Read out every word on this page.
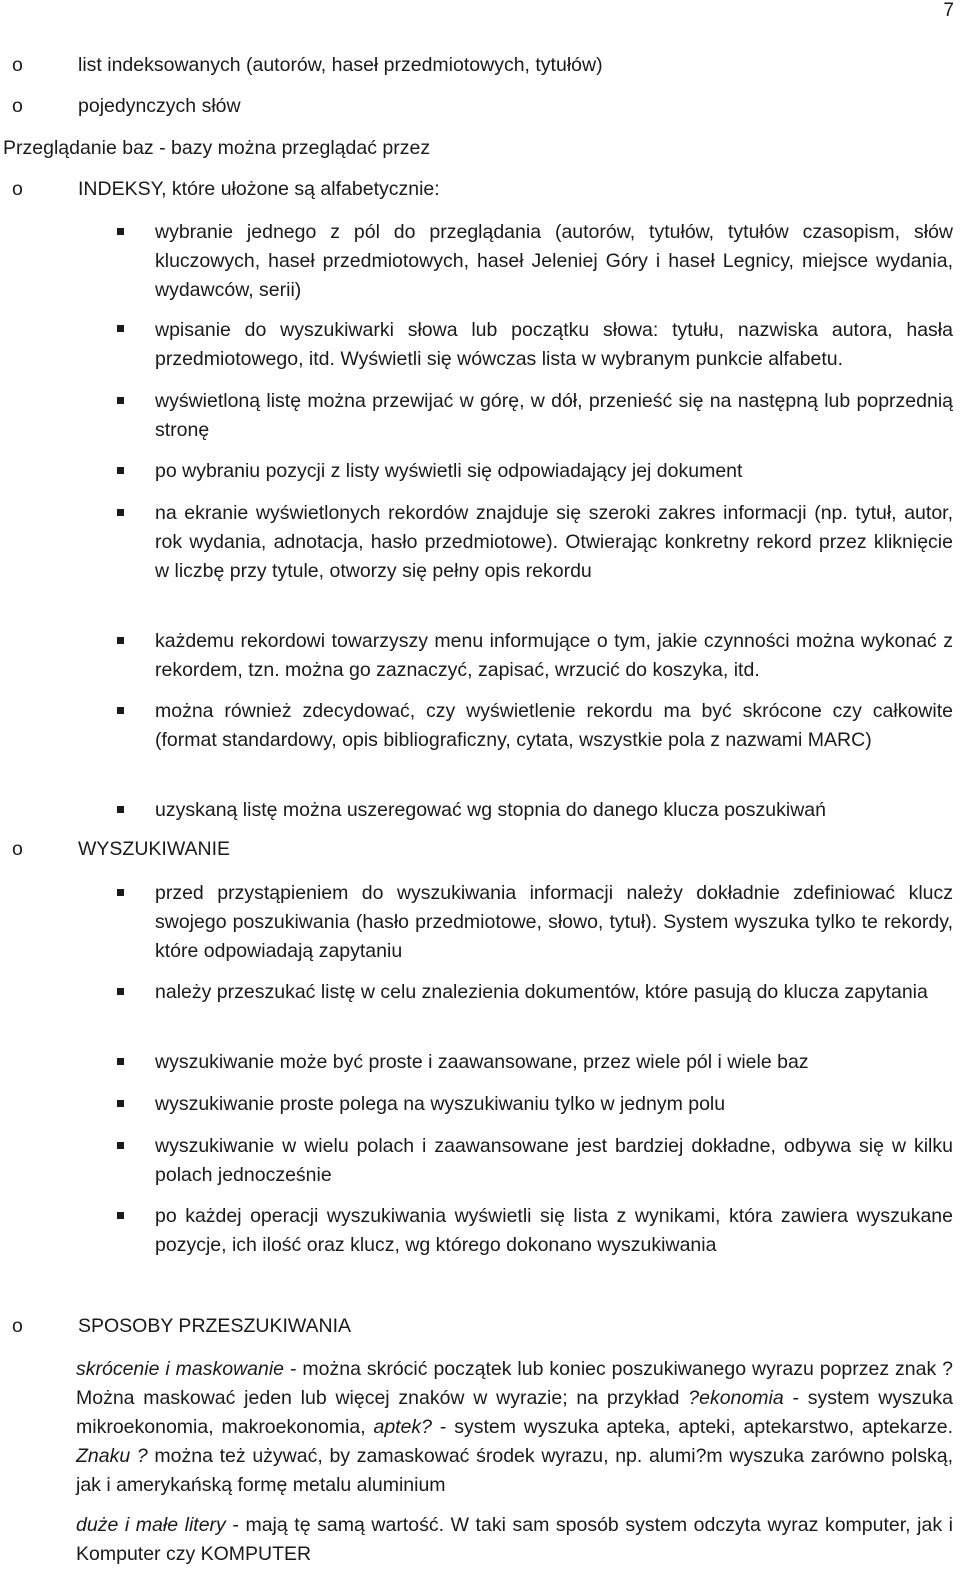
7
o	list indeksowanych (autorów, haseł przedmiotowych, tytułów)
o	pojedynczych słów
Przeglądanie baz - bazy można przeglądać przez
o	INDEKSY, które ułożone są alfabetycznie:
wybranie jednego z pól do przeglądania (autorów, tytułów, tytułów czasopism, słów kluczowych, haseł przedmiotowych, haseł Jeleniej Góry i haseł Legnicy, miejsce wydania, wydawców, serii)
wpisanie do wyszukiwarki słowa lub początku słowa: tytułu, nazwiska autora, hasła przedmiotowego, itd. Wyświetli się wówczas lista w wybranym punkcie alfabetu.
wyświetloną listę można przewijać w górę, w dół, przenieść się na następną lub poprzednią stronę
po wybraniu pozycji z listy wyświetli się odpowiadający jej dokument
na ekranie wyświetlonych rekordów znajduje się szeroki zakres informacji (np. tytuł, autor, rok wydania, adnotacja, hasło przedmiotowe). Otwierając konkretny rekord przez kliknięcie w liczbę przy tytule, otworzy się pełny opis rekordu
każdemu rekordowi towarzyszy menu informujące o tym, jakie czynności można wykonać z rekordem, tzn. można go zaznaczyć, zapisać, wrzucić do koszyka, itd.
można również zdecydować, czy wyświetlenie rekordu ma być skrócone czy całkowite (format standardowy, opis bibliograficzny, cytata, wszystkie pola z nazwami MARC)
uzyskaną listę można uszeregować wg stopnia do danego klucza poszukiwań
o	WYSZUKIWANIE
przed przystąpieniem do wyszukiwania informacji należy dokładnie zdefiniować klucz swojego poszukiwania (hasło przedmiotowe, słowo, tytuł). System wyszuka tylko te rekordy, które odpowiadają zapytaniu
należy przeszukać listę w celu znalezienia dokumentów, które pasują do klucza zapytania
wyszukiwanie może być proste i zaawansowane, przez wiele pól i wiele baz
wyszukiwanie proste polega na wyszukiwaniu tylko w jednym polu
wyszukiwanie w wielu polach i zaawansowane jest bardziej dokładne, odbywa się w kilku polach jednocześnie
po każdej operacji wyszukiwania wyświetli się lista z wynikami, która zawiera wyszukane pozycje, ich ilość oraz klucz, wg którego dokonano wyszukiwania
o	SPOSOBY PRZESZUKIWANIA
skrócenie i maskowanie - można skrócić początek lub koniec poszukiwanego wyrazu poprzez znak ? Można maskować jeden lub więcej znaków w wyrazie; na przykład ?ekonomia - system wyszuka mikroekonomia, makroekonomia, aptek? - system wyszuka apteka, apteki, aptekarstwo, aptekarze. Znaku ? można też używać, by zamaskować środek wyrazu, np. alumi?m wyszuka zarówno polską, jak i amerykańską formę metalu aluminium
duże i małe litery - mają tę samą wartość. W taki sam sposób system odczyta wyraz komputer, jak i Komputer czy KOMPUTER
